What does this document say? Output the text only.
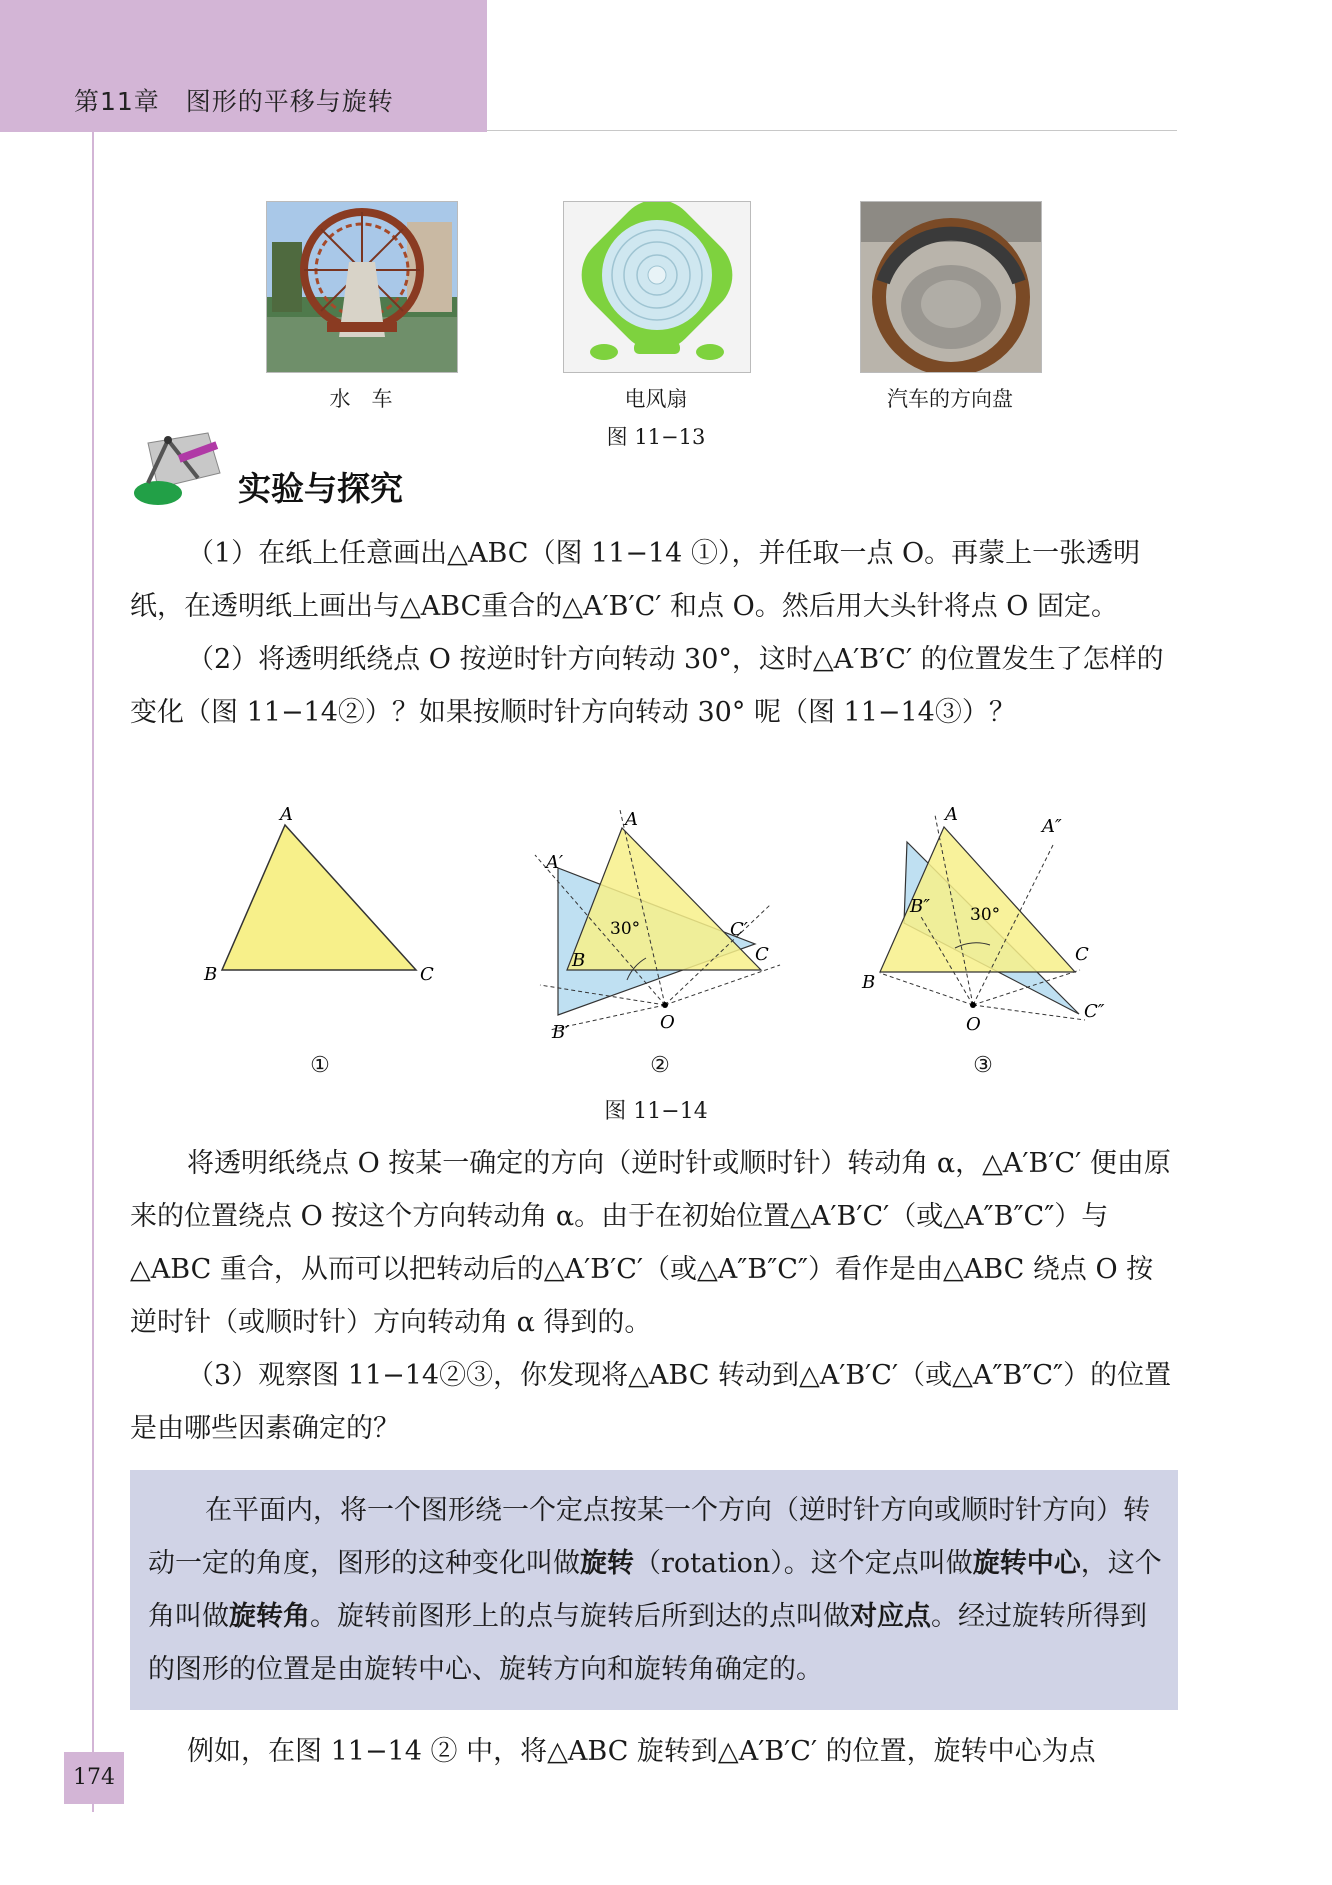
第11章　图形的平移与旋转
水　车	电风扇	汽车的方向盘
图 11−13
实验与探究

（1）在纸上任意画出△ABC（图 11−14 ①），并任取一点 O。再蒙上一张透明纸，在透明纸上画出与△ABC重合的△A′B′C′ 和点 O。然后用大头针将点 O 固定。

（2）将透明纸绕点 O 按逆时针方向转动 30°，这时△A′B′C′ 的位置发生了怎样的变化（图 11−14②）？如果按顺时针方向转动 30° 呢（图 11−14③）？

A
B	C
A
A′
B
B′
C′
C
O
30°
A
A″
B″
B
C
C″
O
30°
①	②	③
图 11−14

将透明纸绕点 O 按某一确定的方向（逆时针或顺时针）转动角 α，△A′B′C′ 便由原来的位置绕点 O 按这个方向转动角 α。由于在初始位置△A′B′C′（或△A″B″C″）与△ABC 重合，从而可以把转动后的△A′B′C′（或△A″B″C″）看作是由△ABC 绕点 O 按逆时针（或顺时针）方向转动角 α 得到的。

（3）观察图 11−14②③，你发现将△ABC 转动到△A′B′C′（或△A″B″C″）的位置是由哪些因素确定的？

在平面内，将一个图形绕一个定点按某一个方向（逆时针方向或顺时针方向）转动一定的角度，图形的这种变化叫做旋转（rotation）。这个定点叫做旋转中心，这个角叫做旋转角。旋转前图形上的点与旋转后所到达的点叫做对应点。经过旋转所得到的图形的位置是由旋转中心、旋转方向和旋转角确定的。

例如，在图 11−14 ② 中，将△ABC 旋转到△A′B′C′ 的位置，旋转中心为点

174
